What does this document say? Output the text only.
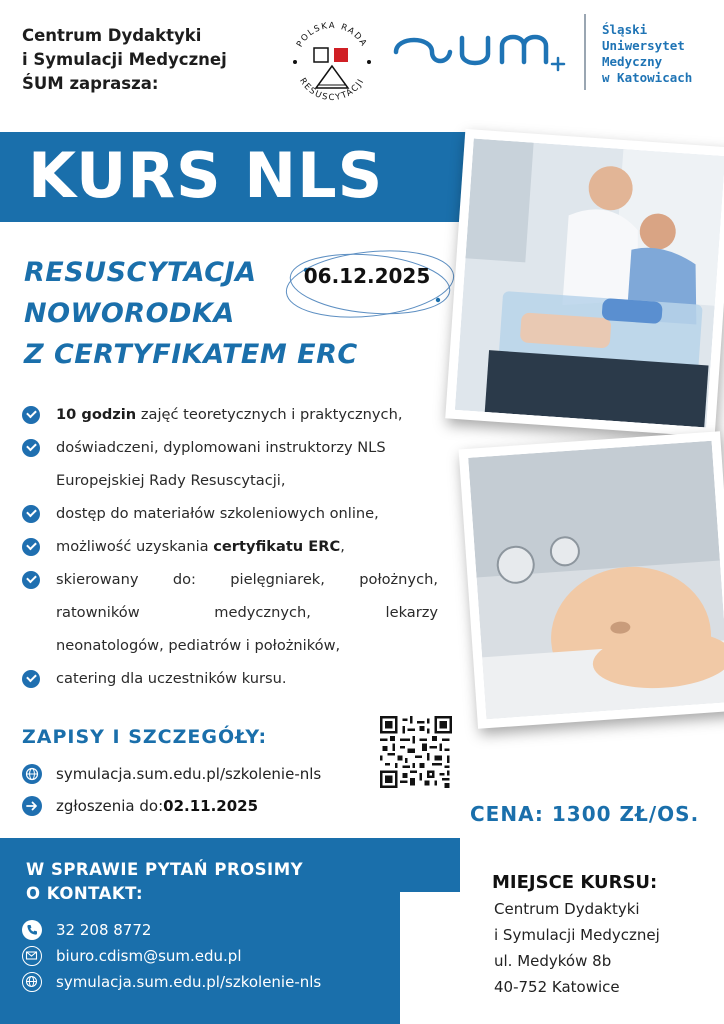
Centrum Dydaktyki
i Symulacji Medycznej
ŚUM zaprasza:
POLSKA RADA
RESUSCYTACJI
Śląski
Uniwersytet
Medyczny
w Katowicach
KURS NLS
RESUSCYTACJA
NOWORODKA
Z CERTYFIKATEM ERC
06.12.2025
10 godzin zajęć teoretycznych i praktycznych,
doświadczeni, dyplomowani instruktorzy NLS
Europejskiej Rady Resuscytacji,
dostęp do materiałów szkoleniowych online,
możliwość uzyskania certyfikatu ERC,
skierowany do: pielęgniarek, położnych,
ratowników	medycznych,	lekarzy
neonatologów, pediatrów i położników,
catering dla uczestników kursu.
ZAPISY I SZCZEGÓŁY:
symulacja.sum.edu.pl/szkolenie-nls
zgłoszenia do: 02.11.2025	CENA: 1300 ZŁ/OS.
W SPRAWIE PYTAŃ PROSIMY
O KONTAKT:
32 208 8772
biuro.cdism@sum.edu.pl
symulacja.sum.edu.pl/szkolenie-nls
MIEJSCE KURSU:
Centrum Dydaktyki
i Symulacji Medycznej
ul. Medyków 8b
40-752 Katowice
